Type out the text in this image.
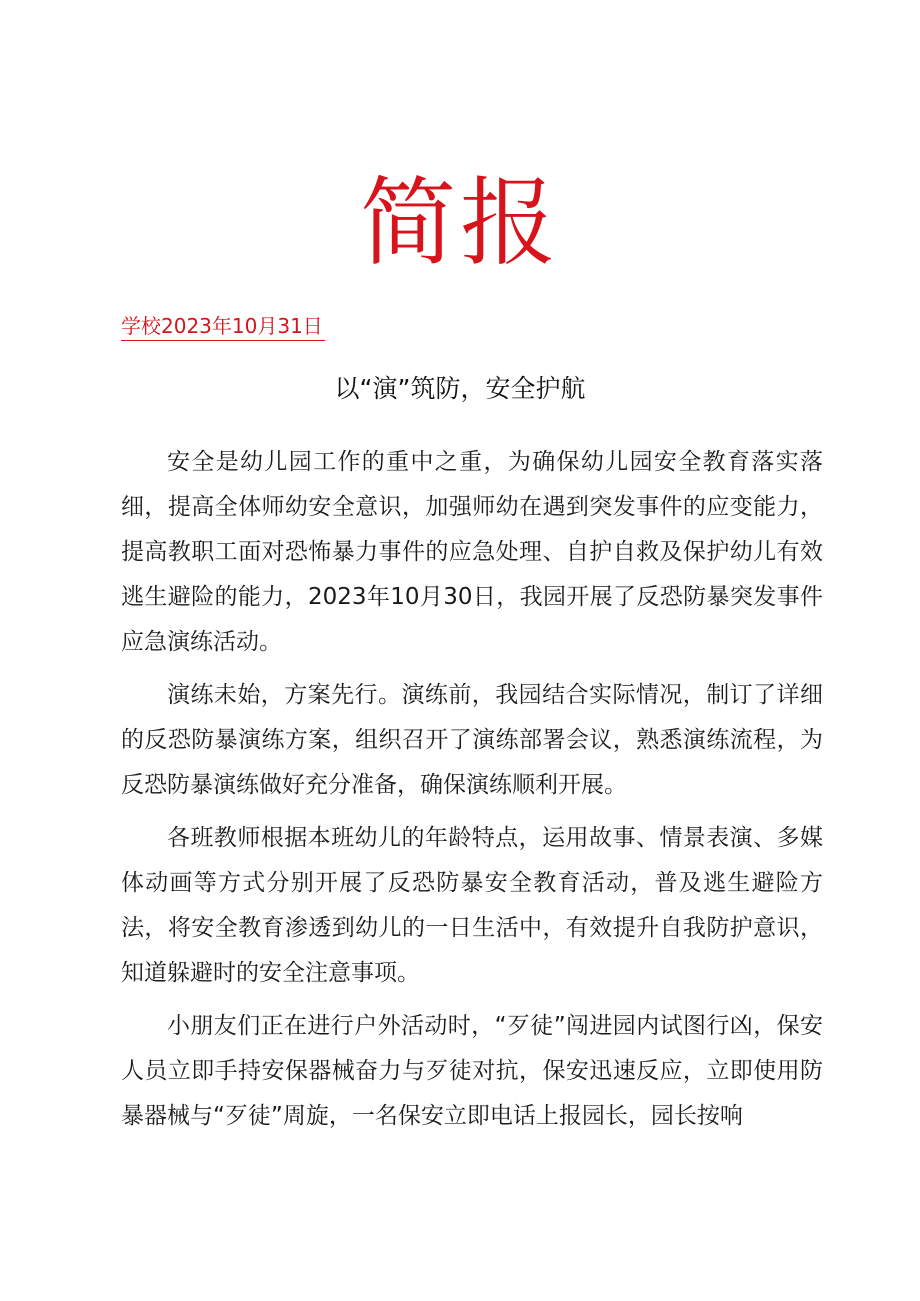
简报
学校2023年10月31日
以“演”筑防，安全护航

安全是幼儿园工作的重中之重，为确保幼儿园安全教育落实落细，提高全体师幼安全意识，加强师幼在遇到突发事件的应变能力，提高教职工面对恐怖暴力事件的应急处理、自护自救及保护幼儿有效逃生避险的能力，2023年10月30日，我园开展了反恐防暴突发事件应急演练活动。

演练未始，方案先行。演练前，我园结合实际情况，制订了详细的反恐防暴演练方案，组织召开了演练部署会议，熟悉演练流程，为反恐防暴演练做好充分准备，确保演练顺利开展。

各班教师根据本班幼儿的年龄特点，运用故事、情景表演、多媒体动画等方式分别开展了反恐防暴安全教育活动，普及逃生避险方法，将安全教育渗透到幼儿的一日生活中，有效提升自我防护意识，知道躲避时的安全注意事项。

小朋友们正在进行户外活动时，“歹徒”闯进园内试图行凶，保安人员立即手持安保器械奋力与歹徒对抗，保安迅速反应，立即使用防暴器械与“歹徒”周旋，一名保安立即电话上报园长，园长按响
